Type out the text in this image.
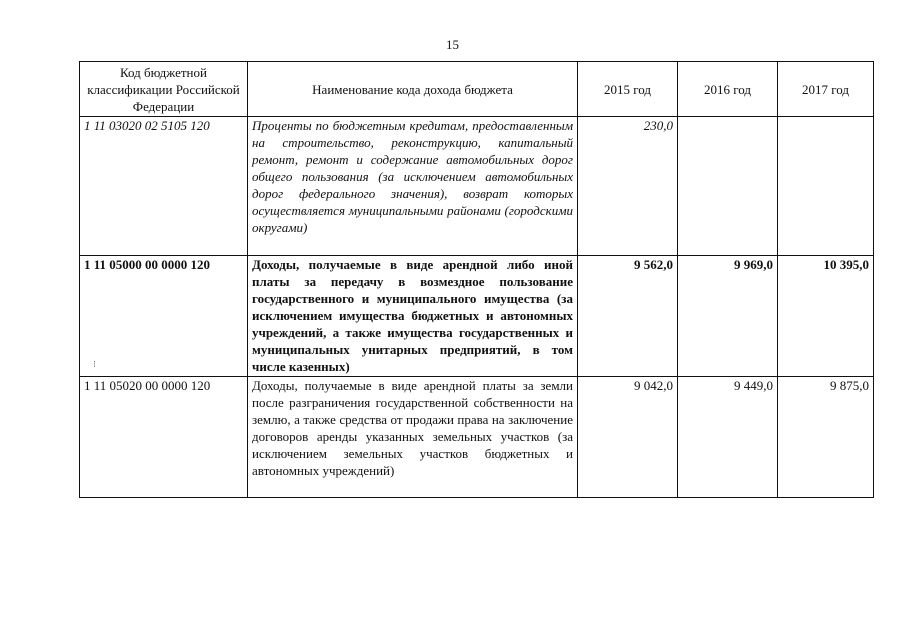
15
Код бюджетной классификации Российской Федерации	Наименование кода дохода бюджета	2015 год	2016 год	2017 год
1 11 03020 02 5105 120	Проценты по бюджетным кредитам, предоставленным на строительство, реконструкцию, капитальный ремонт, ремонт и содержание автомобильных дорог общего пользования (за исключением автомобильных дорог федерального значения), возврат которых осуществляется муниципальными районами (городскими округами)	230,0		
1 11 05000 00 0000 120	Доходы, получаемые в виде арендной либо иной платы за передачу в возмездное пользование государственного и муниципального имущества (за исключением имущества бюджетных и автономных учреждений, а также имущества государственных и муниципальных унитарных предприятий, в том числе казенных)	9 562,0	9 969,0	10 395,0
1 11 05020 00 0000 120	Доходы, получаемые в виде арендной платы за земли после разграничения государственной собственности на землю, а также средства от продажи права на заключение договоров аренды указанных земельных участков (за исключением земельных участков бюджетных и автономных учреждений)	9 042,0	9 449,0	9 875,0
⁝
